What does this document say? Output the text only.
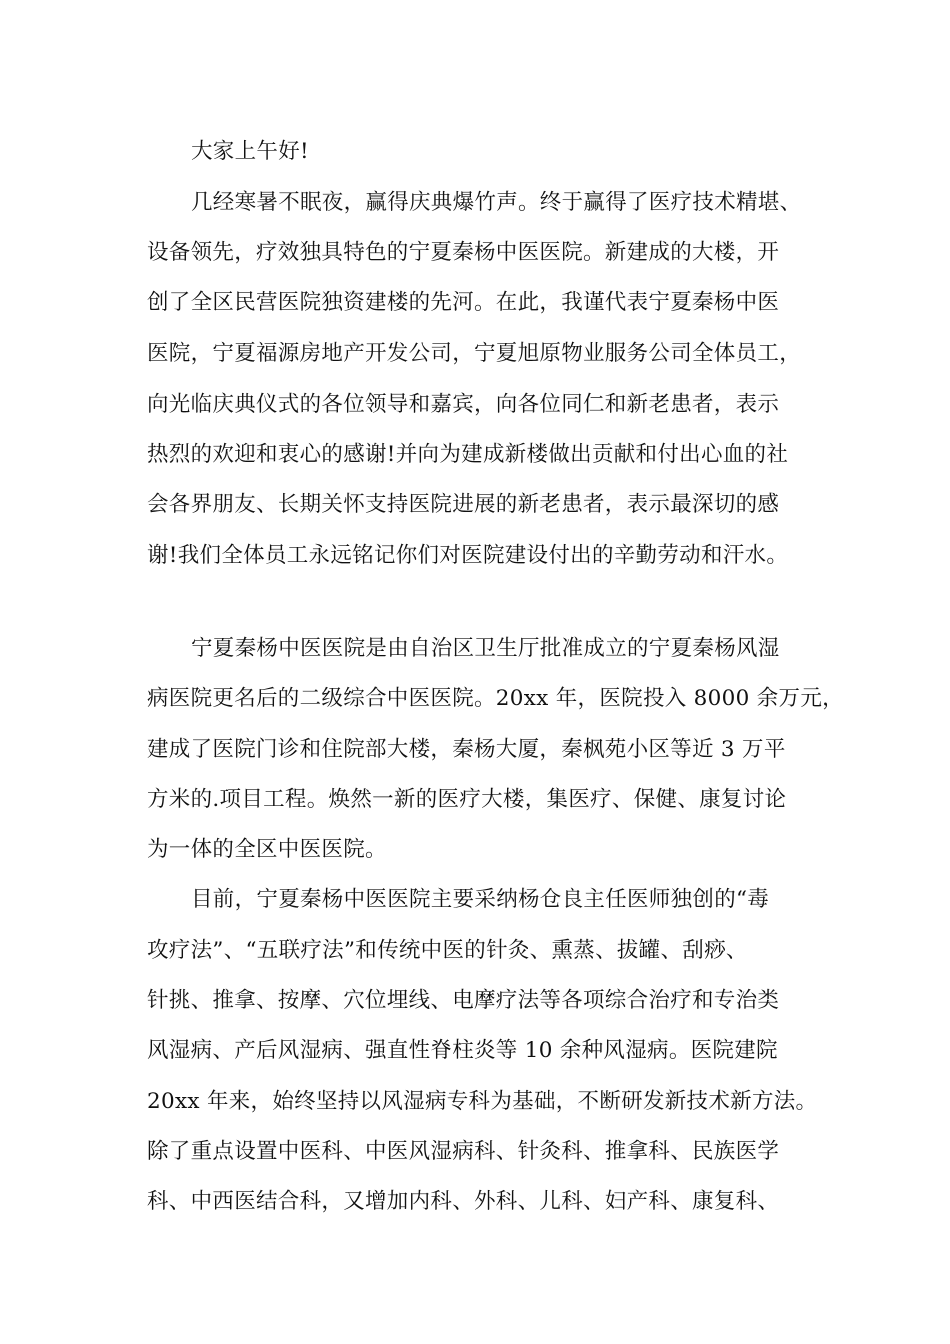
大家上午好!

几经寒暑不眠夜，赢得庆典爆竹声。终于赢得了医疗技术精堪、

设备领先，疗效独具特色的宁夏秦杨中医医院。新建成的大楼，开

创了全区民营医院独资建楼的先河。在此，我谨代表宁夏秦杨中医

医院，宁夏福源房地产开发公司，宁夏旭原物业服务公司全体员工，

向光临庆典仪式的各位领导和嘉宾，向各位同仁和新老患者，表示

热烈的欢迎和衷心的感谢!并向为建成新楼做出贡献和付出心血的社

会各界朋友、长期关怀支持医院进展的新老患者，表示最深切的感

谢!我们全体员工永远铭记你们对医院建设付出的辛勤劳动和汗水。

宁夏秦杨中医医院是由自治区卫生厅批准成立的宁夏秦杨风湿

病医院更名后的二级综合中医医院。20xx 年，医院投入 8000 余万元，

建成了医院门诊和住院部大楼，秦杨大厦，秦枫苑小区等近 3 万平

方米的.项目工程。焕然一新的医疗大楼，集医疗、保健、康复讨论

为一体的全区中医医院。

目前，宁夏秦杨中医医院主要采纳杨仓良主任医师独创的“毒

攻疗法”、“五联疗法”和传统中医的针灸、熏蒸、拔罐、刮痧、

针挑、推拿、按摩、穴位埋线、电摩疗法等各项综合治疗和专治类

风湿病、产后风湿病、强直性脊柱炎等 10 余种风湿病。医院建院

20xx 年来，始终坚持以风湿病专科为基础，不断研发新技术新方法。

除了重点设置中医科、中医风湿病科、针灸科、推拿科、民族医学

科、中西医结合科，又增加内科、外科、儿科、妇产科、康复科、
